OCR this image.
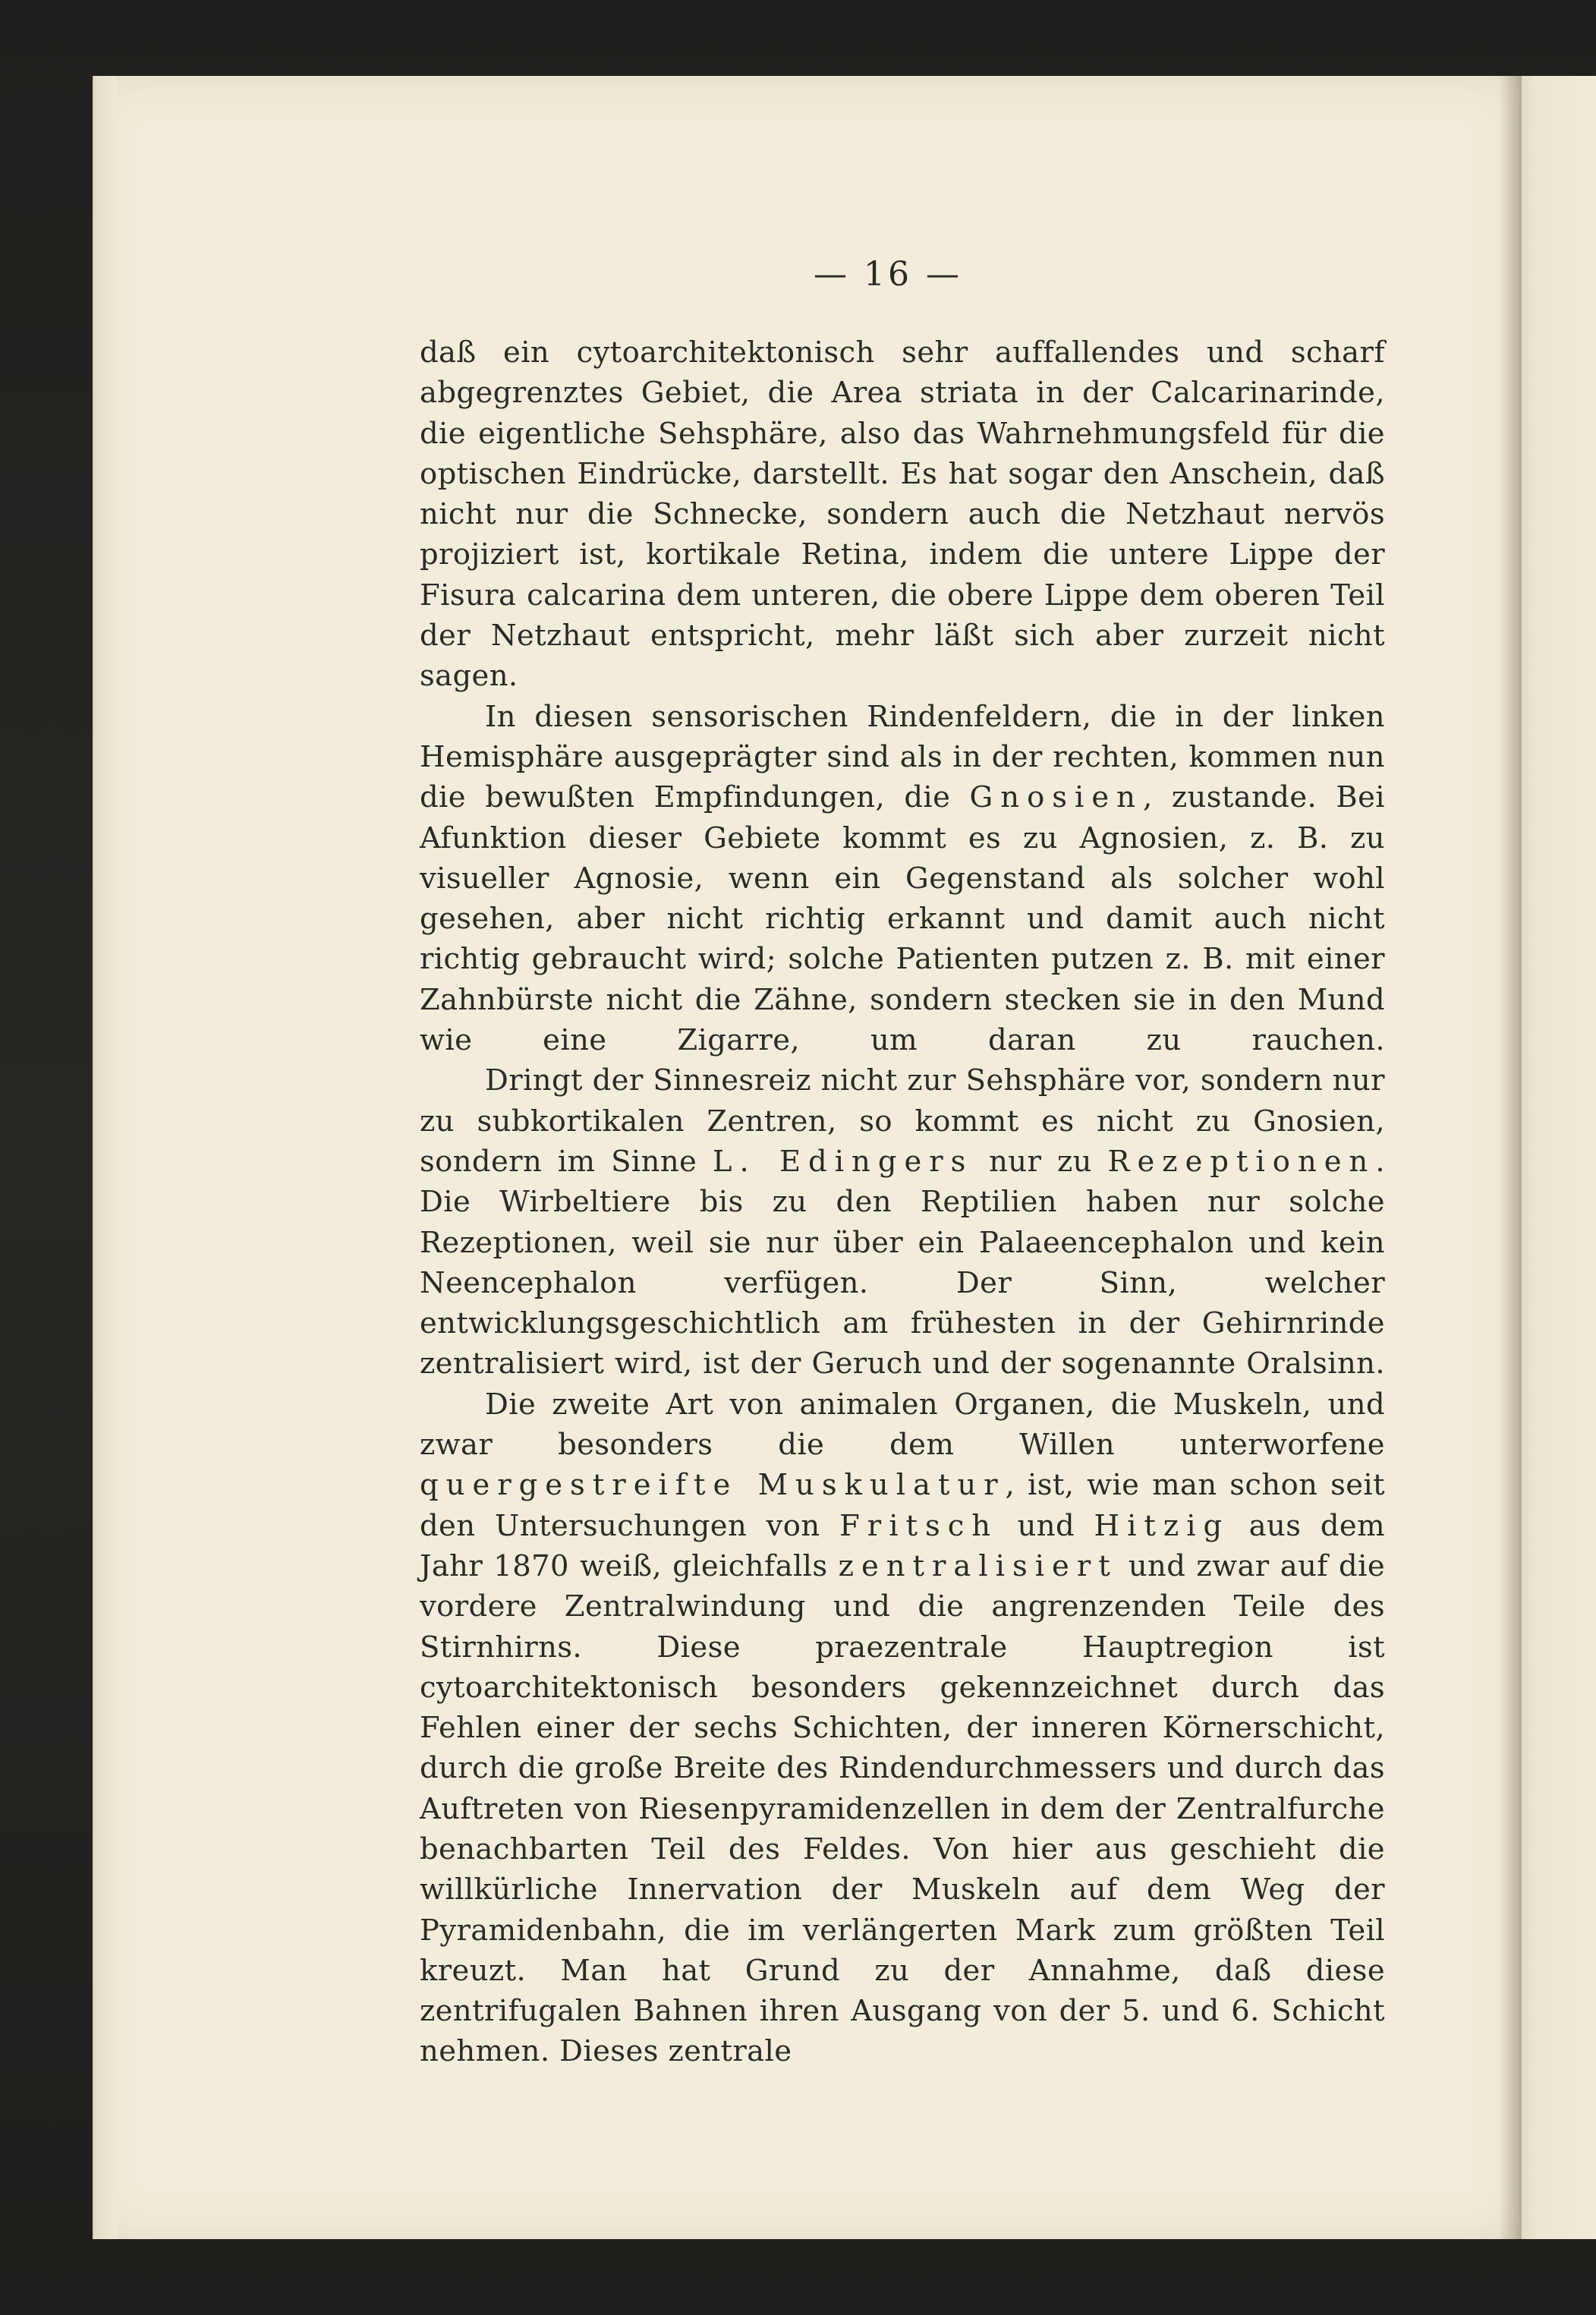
— 16 —

daß ein cytoarchitektonisch sehr auffallendes und scharf abgegrenztes Gebiet, die Area striata in der Calcarinarinde, die eigentliche Sehsphäre, also das Wahrnehmungsfeld für die optischen Eindrücke, darstellt. Es hat sogar den Anschein, daß nicht nur die Schnecke, sondern auch die Netzhaut nervös projiziert ist, kortikale Retina, indem die untere Lippe der Fisura calcarina dem unteren, die obere Lippe dem oberen Teil der Netzhaut entspricht, mehr läßt sich aber zurzeit nicht sagen.

In diesen sensorischen Rindenfeldern, die in der linken Hemisphäre ausgeprägter sind als in der rechten, kommen nun die bewußten Empfindungen, die Gnosien, zustande. Bei Afunktion dieser Gebiete kommt es zu Agnosien, z. B. zu visueller Agnosie, wenn ein Gegenstand als solcher wohl gesehen, aber nicht richtig erkannt und damit auch nicht richtig gebraucht wird; solche Patienten putzen z. B. mit einer Zahnbürste nicht die Zähne, sondern stecken sie in den Mund wie eine Zigarre, um daran zu rauchen.

Dringt der Sinnesreiz nicht zur Sehsphäre vor, sondern nur zu subkortikalen Zentren, so kommt es nicht zu Gnosien, sondern im Sinne L. Edingers nur zu Rezeptionen. Die Wirbeltiere bis zu den Reptilien haben nur solche Rezeptionen, weil sie nur über ein Palaeencephalon und kein Neencephalon verfügen. Der Sinn, welcher entwicklungsgeschichtlich am frühesten in der Gehirnrinde zentralisiert wird, ist der Geruch und der sogenannte Oralsinn.

Die zweite Art von animalen Organen, die Muskeln, und zwar besonders die dem Willen unterworfene quergestreifte Muskulatur, ist, wie man schon seit den Untersuchungen von Fritsch und Hitzig aus dem Jahr 1870 weiß, gleichfalls zentralisiert und zwar auf die vordere Zentralwindung und die angrenzenden Teile des Stirnhirns. Diese praezentrale Hauptregion ist cytoarchitektonisch besonders gekennzeichnet durch das Fehlen einer der sechs Schichten, der inneren Körnerschicht, durch die große Breite des Rindendurchmessers und durch das Auftreten von Riesenpyramidenzellen in dem der Zentralfurche benachbarten Teil des Feldes. Von hier aus geschieht die willkürliche Innervation der Muskeln auf dem Weg der Pyramidenbahn, die im verlängerten Mark zum größten Teil kreuzt. Man hat Grund zu der Annahme, daß diese zentrifugalen Bahnen ihren Ausgang von der 5. und 6. Schicht nehmen. Dieses zentrale
